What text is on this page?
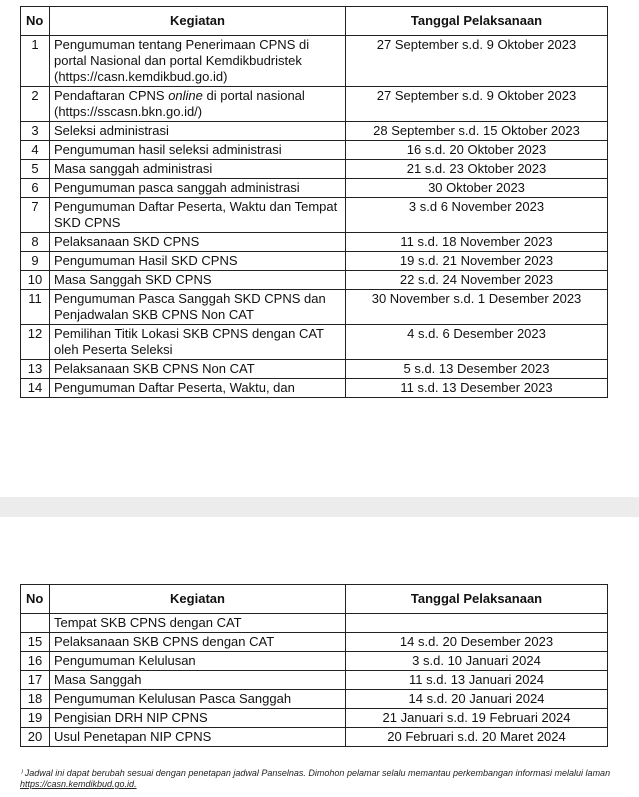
No	Kegiatan	Tanggal Pelaksanaan
1	Pengumuman tentang Penerimaan CPNS di portal Nasional dan portal Kemdikbudristek (https://casn.kemdikbud.go.id)	27 September s.d. 9 Oktober 2023
2	Pendaftaran CPNS online di portal nasional (https://sscasn.bkn.go.id/)	27 September s.d. 9 Oktober 2023
3	Seleksi administrasi	28 September s.d. 15 Oktober 2023
4	Pengumuman hasil seleksi administrasi	16 s.d. 20 Oktober 2023
5	Masa sanggah administrasi	21 s.d. 23 Oktober 2023
6	Pengumuman pasca sanggah administrasi	30 Oktober 2023
7	Pengumuman Daftar Peserta, Waktu dan Tempat SKD CPNS	3 s.d 6 November 2023
8	Pelaksanaan SKD CPNS	11 s.d. 18 November 2023
9	Pengumuman Hasil SKD CPNS	19 s.d. 21 November 2023
10	Masa Sanggah SKD CPNS	22 s.d. 24 November 2023
11	Pengumuman Pasca Sanggah SKD CPNS dan Penjadwalan SKB CPNS Non CAT	30 November s.d. 1 Desember 2023
12	Pemilihan Titik Lokasi SKB CPNS dengan CAT oleh Peserta Seleksi	4 s.d. 6 Desember 2023
13	Pelaksanaan SKB CPNS Non CAT	5 s.d. 13 Desember 2023
14	Pengumuman Daftar Peserta, Waktu, dan	11 s.d. 13 Desember 2023
No	Kegiatan	Tanggal Pelaksanaan
	Tempat SKB CPNS dengan CAT	
15	Pelaksanaan SKB CPNS dengan CAT	14 s.d. 20 Desember 2023
16	Pengumuman Kelulusan	3 s.d. 10 Januari 2024
17	Masa Sanggah	11 s.d. 13 Januari 2024
18	Pengumuman Kelulusan Pasca Sanggah	14 s.d. 20 Januari 2024
19	Pengisian DRH NIP CPNS	21 Januari s.d. 19 Februari 2024
20	Usul Penetapan NIP CPNS	20 Februari s.d. 20 Maret 2024
⁾ Jadwal ini dapat berubah sesuai dengan penetapan jadwal Panselnas. Dimohon pelamar selalu memantau perkembangan informasi melalui laman https://casn.kemdikbud.go.id.
